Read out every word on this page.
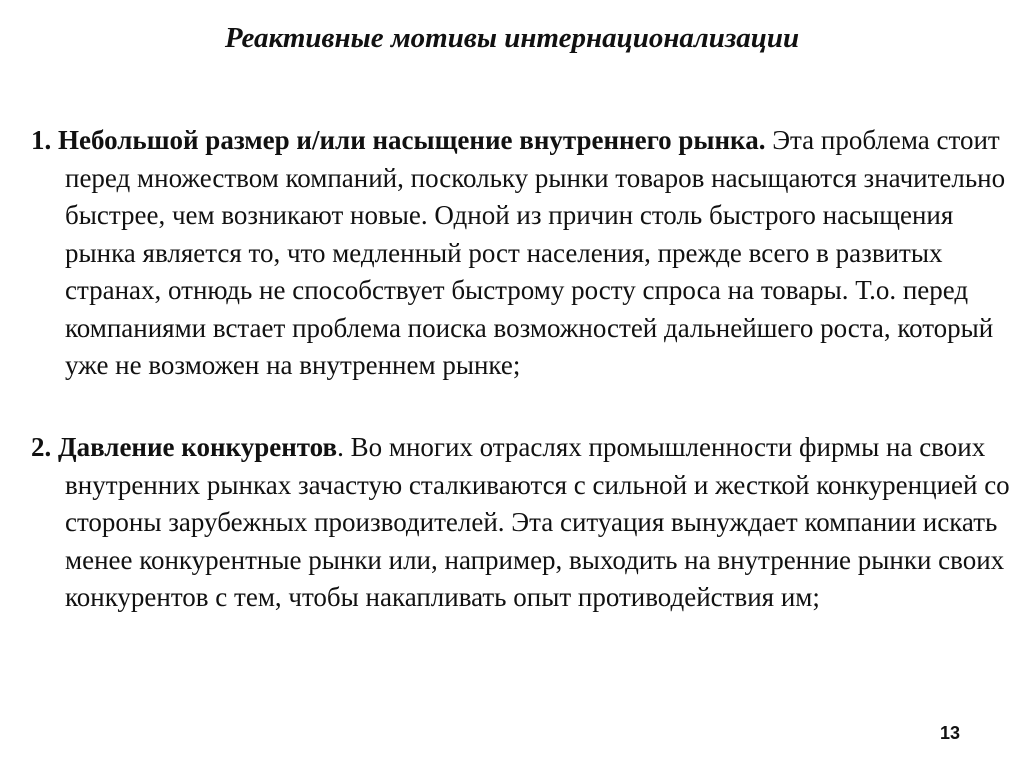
Реактивные мотивы интернационализации
1. Небольшой размер и/или насыщение внутреннего рынка. Эта проблема стоит перед множеством компаний, поскольку рынки товаров насыщаются значительно быстрее, чем возникают новые. Одной из причин столь быстрого насыщения рынка является то, что медленный рост населения, прежде всего в развитых странах, отнюдь не способствует быстрому росту спроса на товары. Т.о. перед компаниями встает проблема поиска возможностей дальнейшего роста, который уже не возможен на внутреннем рынке;
2. Давление конкурентов. Во многих отраслях промышленности фирмы на своих внутренних рынках зачастую сталкиваются с сильной и жесткой конкуренцией со стороны зарубежных производителей. Эта ситуация вынуждает компании искать менее конкурентные рынки или, например, выходить на внутренние рынки своих конкурентов с тем, чтобы накапливать опыт противодействия им;
13
